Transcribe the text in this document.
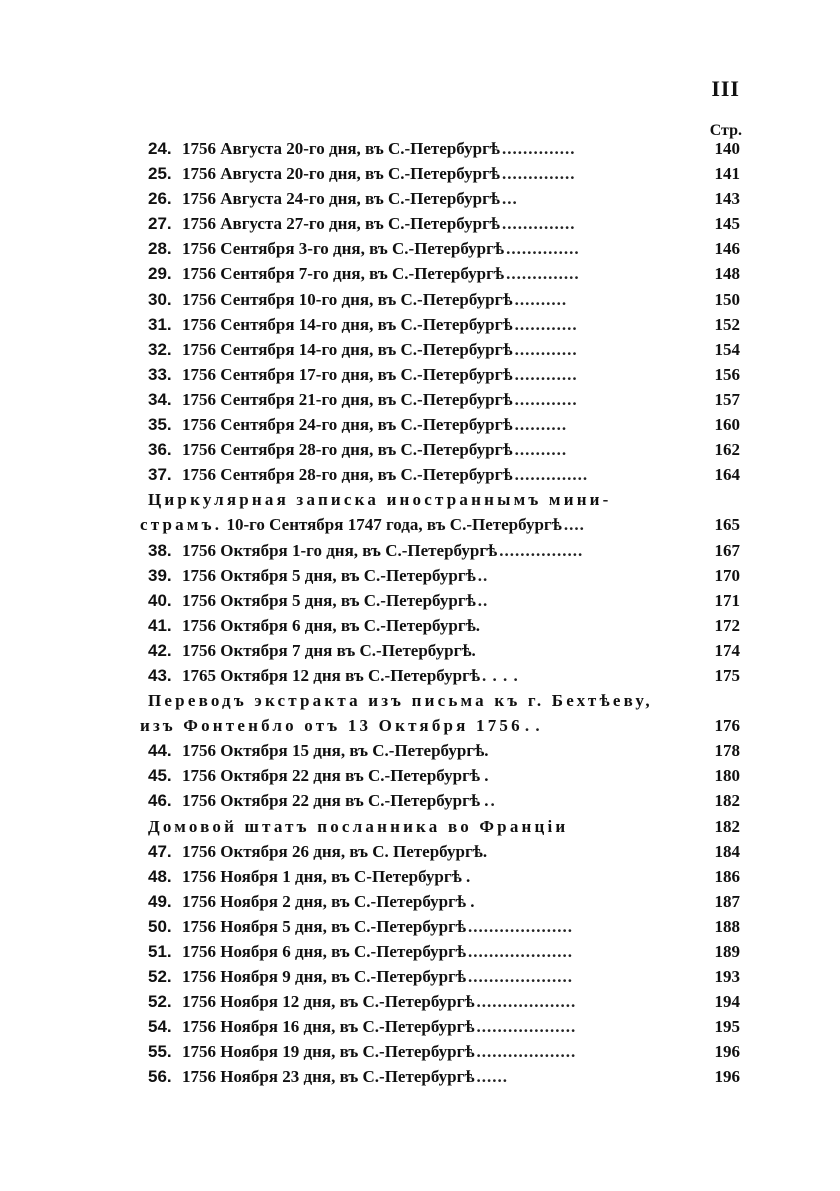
III
Стр.
24. 1756 Августа 20-го дня, въ С.-Петербургѣ ..............	140
25. 1756 Августа 20-го дня, въ С.-Петербургѣ ..............	141
26. 1756 Августа 24-го дня, въ С.-Петербургѣ ...	143
27. 1756 Августа 27-го дня, въ С.-Петербургѣ ..............	145
28. 1756 Сентября 3-го дня, въ С.-Петербургѣ ..............	146
29. 1756 Сентября 7-го дня, въ С.-Петербургѣ ..............	148
30. 1756 Сентября 10-го дня, въ С.-Петербургѣ ..........	150
31. 1756 Сентября 14-го дня, въ С.-Петербургѣ ............	152
32. 1756 Сентября 14-го дня, въ С.-Петербургѣ ............	154
33. 1756 Сентября 17-го дня, въ С.-Петербургѣ ............	156
34. 1756 Сентября 21-го дня, въ С.-Петербургѣ ............	157
35. 1756 Сентября 24-го дня, въ С.-Петербургѣ ..........	160
36. 1756 Сентября 28-го дня, въ С.-Петербургѣ ..........	162
37. 1756 Сентября 28-го дня, въ С.-Петербургѣ ..............	164
Циркулярная записка иностраннымъ мини-
страмъ. 10-го Сентября 1747 года, въ С.-Петербургѣ ....	165
38. 1756 Октября 1-го дня, въ С.-Петербургѣ ................	167
39. 1756 Октября 5 дня, въ С.-Петербургѣ ..	170
40. 1756 Октября 5 дня, въ С.-Петербургѣ ..	171
41. 1756 Октября 6 дня, въ С.-Петербургѣ.	172
42. 1756 Октября 7 дня въ С.-Петербургѣ.	174
43. 1765 Октября 12 дня въ С.-Петербургѣ . . . .	175
Переводъ экстракта изъ письма къ г. Бехтѣеву,
изъ Фонтенбло отъ 13 Октября 1756 . .	176
44. 1756 Октября 15 дня, въ С.-Петербургѣ.	178
45. 1756 Октября 22 дня въ С.-Петербургѣ .	180
46. 1756 Октября 22 дня въ С.-Петербургѣ . .	182
Домовой штатъ посланника во Франціи	182
47. 1756 Октября 26 дня, въ С. Петербургѣ.	184
48. 1756 Ноября 1 дня, въ С-Петербургѣ .	186
49. 1756 Ноября 2 дня, въ С.-Петербургѣ .	187
50. 1756 Ноября 5 дня, въ С.-Петербургѣ ....................	188
51. 1756 Ноября 6 дня, въ С.-Петербургѣ ....................	189
52. 1756 Ноября 9 дня, въ С.-Петербургѣ ....................	193
52. 1756 Ноября 12 дня, въ С.-Петербургѣ ...................	194
54. 1756 Ноября 16 дня, въ С.-Петербургѣ ...................	195
55. 1756 Ноября 19 дня, въ С.-Петербургѣ ...................	196
56. 1756 Ноября 23 дня, въ С.-Петербургѣ ......	196
